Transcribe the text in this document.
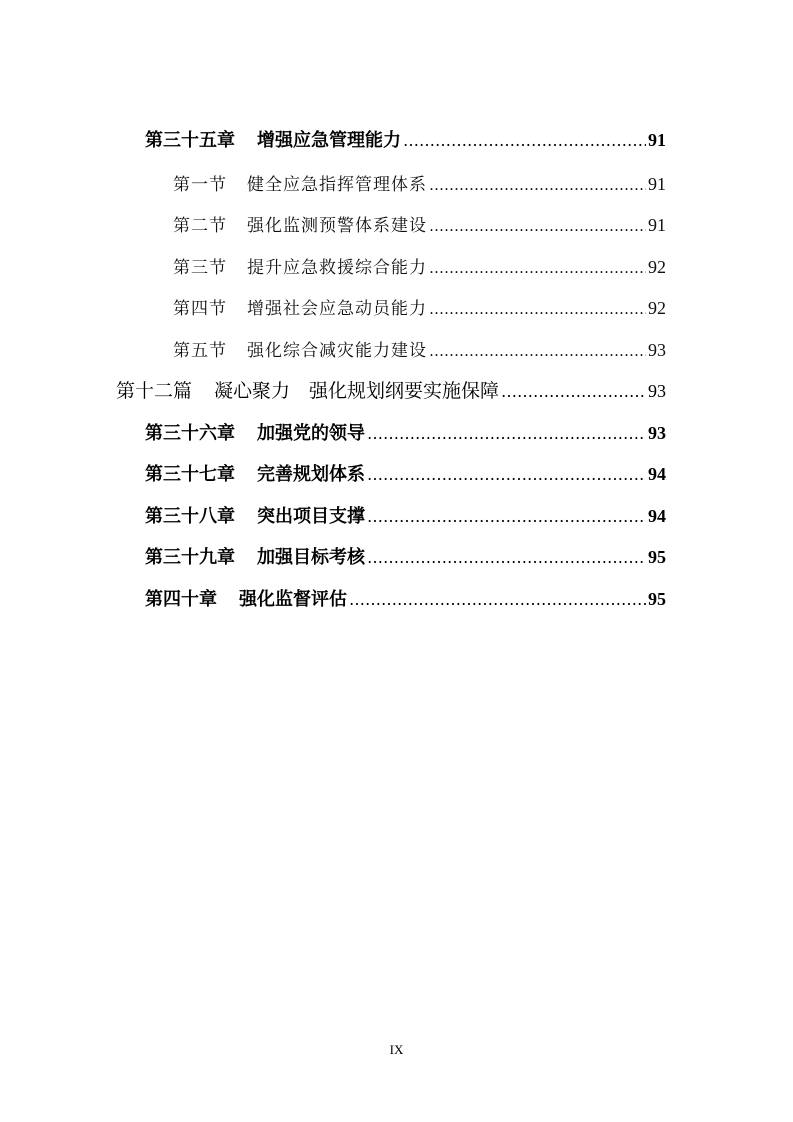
第三十五章 增强应急管理能力 ………………………………………………………………………………………………………………………………………………	91
第一节 健全应急指挥管理体系 ………………………………………………………………………………………………………………………………………………	91
第二节 强化监测预警体系建设 ………………………………………………………………………………………………………………………………………………	91
第三节 提升应急救援综合能力 ………………………………………………………………………………………………………………………………………………	92
第四节 增强社会应急动员能力 ………………………………………………………………………………………………………………………………………………	92
第五节 强化综合减灾能力建设 ………………………………………………………………………………………………………………………………………………	93
第十二篇 凝心聚力　强化规划纲要实施保障 ………………………………………………………………………………………………………………………………………………	93
第三十六章 加强党的领导 ………………………………………………………………………………………………………………………………………………	93
第三十七章 完善规划体系 ………………………………………………………………………………………………………………………………………………	94
第三十八章 突出项目支撑 ………………………………………………………………………………………………………………………………………………	94
第三十九章 加强目标考核 ………………………………………………………………………………………………………………………………………………	95
第四十章 强化监督评估 ………………………………………………………………………………………………………………………………………………	95
IX
